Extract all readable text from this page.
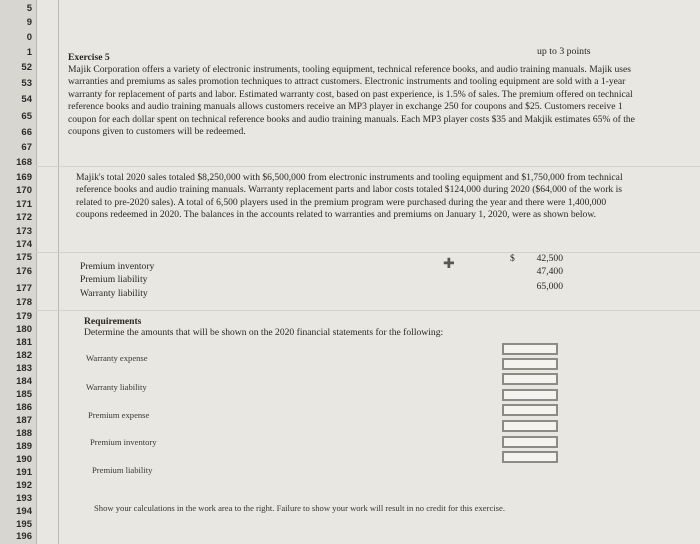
5
9
0
1
52
53
54
65
66
67
168
169
170
171
172
173
174
175
176
177
178
179
180
181
182
183
184
185
186
187
188
189
190
191
192
193
194
195
196
Exercise 5
up to 3 points
Majik Corporation offers a variety of electronic instruments, tooling equipment, technical reference books, and audio training manuals. Majik uses warranties and premiums as sales promotion techniques to attract customers. Electronic instruments and tooling equipment are sold with a 1-year warranty for replacement of parts and labor. Estimated warranty cost, based on past experience, is 1.5% of sales. The premium offered on technical reference books and audio training manuals allows customers receive an MP3 player in exchange 250 for coupons and $25. Customers receive 1 coupon for each dollar spent on technical reference books and audio training manuals. Each MP3 player costs $35 and Makjik estimates 65% of the coupons given to customers will be redeemed.
Majik's total 2020 sales totaled $8,250,000 with $6,500,000 from electronic instruments and tooling equipment and $1,750,000 from technical reference books and audio training manuals. Warranty replacement parts and labor costs totaled $124,000 during 2020 ($64,000 of the work is related to pre-2020 sales). A total of 6,500 players used in the premium program were purchased during the year and there were 1,400,000 coupons redeemed in 2020. The balances in the accounts related to warranties and premiums on January 1, 2020, were as shown below.
Premium inventory
Premium liability
Warranty liability
$	42,500
47,400
65,000
✚
Requirements
Determine the amounts that will be shown on the 2020 financial statements for the following:
Warranty expense
Warranty liability
Premium expense
Premium inventory
Premium liability
Show your calculations in the work area to the right. Failure to show your work will result in no credit for this exercise.
